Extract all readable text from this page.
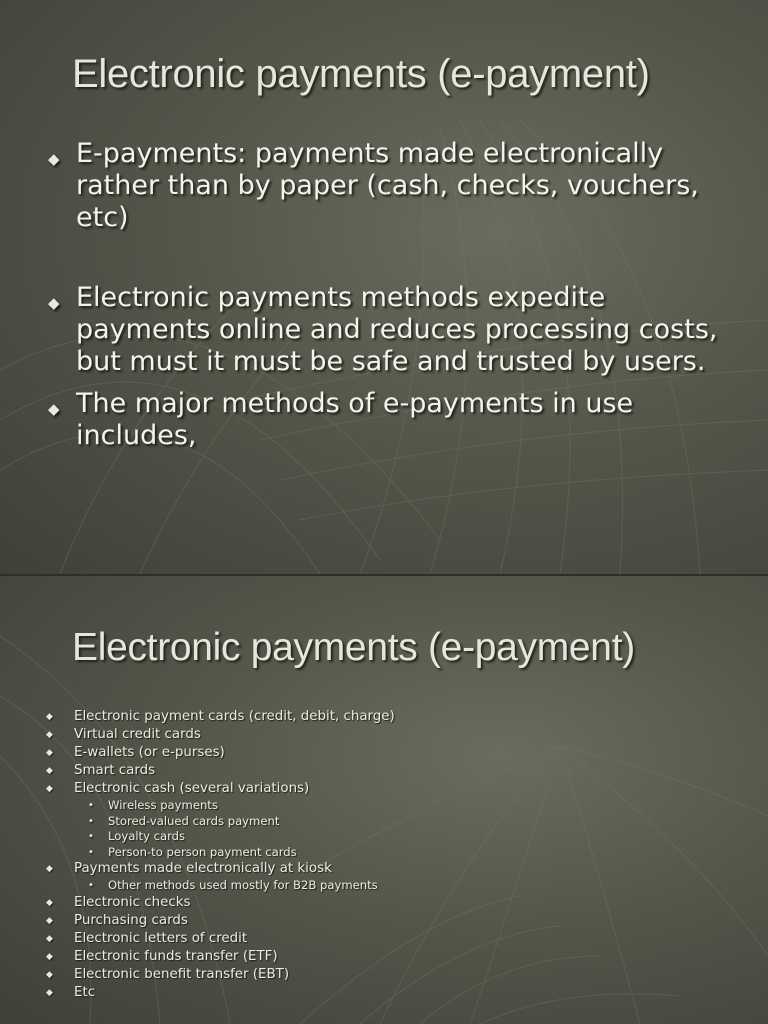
Electronic payments (e-payment)
◆ E-payments: payments made electronically rather than by paper (cash, checks, vouchers, etc)
◆ Electronic payments methods expedite payments online and reduces processing costs, but must it must be safe and trusted by users.
◆ The major methods of e-payments in use includes,
Electronic payments (e-payment)
◆ Electronic payment cards (credit, debit, charge)
◆ Virtual credit cards
◆ E-wallets (or e-purses)
◆ Smart cards
◆ Electronic cash (several variations)
• Wireless payments
• Stored-valued cards payment
• Loyalty cards
• Person-to person payment cards
◆ Payments made electronically at kiosk
• Other methods used mostly for B2B payments
◆ Electronic checks
◆ Purchasing cards
◆ Electronic letters of credit
◆ Electronic funds transfer (ETF)
◆ Electronic benefit transfer (EBT)
◆ Etc
